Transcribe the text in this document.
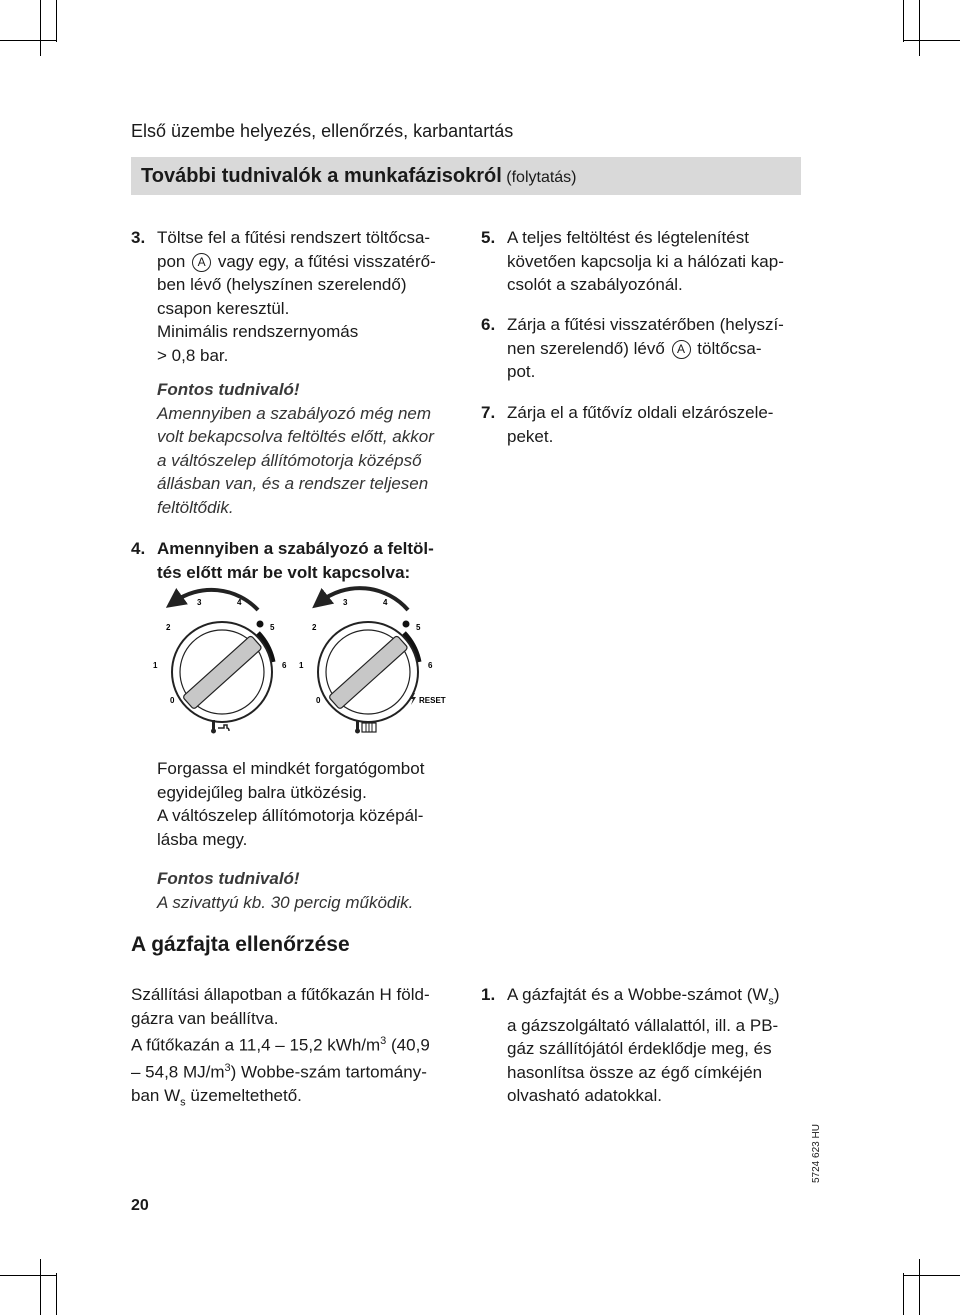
Első üzembe helyezés, ellenőrzés, karbantartás
További tudnivalók a munkafázisokról (folytatás)
3. Töltse fel a fűtési rendszert töltőcsa-
pon A vagy egy, a fűtési visszatérő-
ben lévő (helyszínen szerelendő)
csapon keresztül.
Minimális rendszernyomás
> 0,8 bar.
Fontos tudnivaló!
Amennyiben a szabályozó még nem
volt bekapcsolva feltöltés előtt, akkor
a váltószelep állítómotorja középső
állásban van, és a rendszer teljesen
feltöltődik.
5. A teljes feltöltést és légtelenítést
követően kapcsolja ki a hálózati kap-
csolót a szabályozónál.
6. Zárja a fűtési visszatérőben (helyszí-
nen szerelendő) lévő A töltőcsa-
pot.
7. Zárja el a fűtővíz oldali elzárószele-
peket.
4. Amennyiben a szabályozó a feltöl-
tés előtt már be volt kapcsolva:
0
1
2
3	4
5
6
0
1
2
3	4
5
6
RESET
Forgassa el mindkét forgatógombot
egyidejűleg balra ütközésig.
A váltószelep állítómotorja középál-
lásba megy.
Fontos tudnivaló!
A szivattyú kb. 30 percig működik.
A gázfajta ellenőrzése
Szállítási állapotban a fűtőkazán H föld-
gázra van beállítva.
A fűtőkazán a 11,4 – 15,2 kWh/$m^3$ (40,9
– 54,8 $MJ/m^3$) Wobbe-szám tartomány-
ban $W_s$ üzemeltethető.
1. A gázfajtát és a Wobbe-számot $(W_s)$
a gázszolgáltató vállalattól, ill. a PB-
gáz szállítójától érdeklődje meg, és
hasonlítsa össze az égő címkéjén
olvasható adatokkal.
20
5724 623 HU
